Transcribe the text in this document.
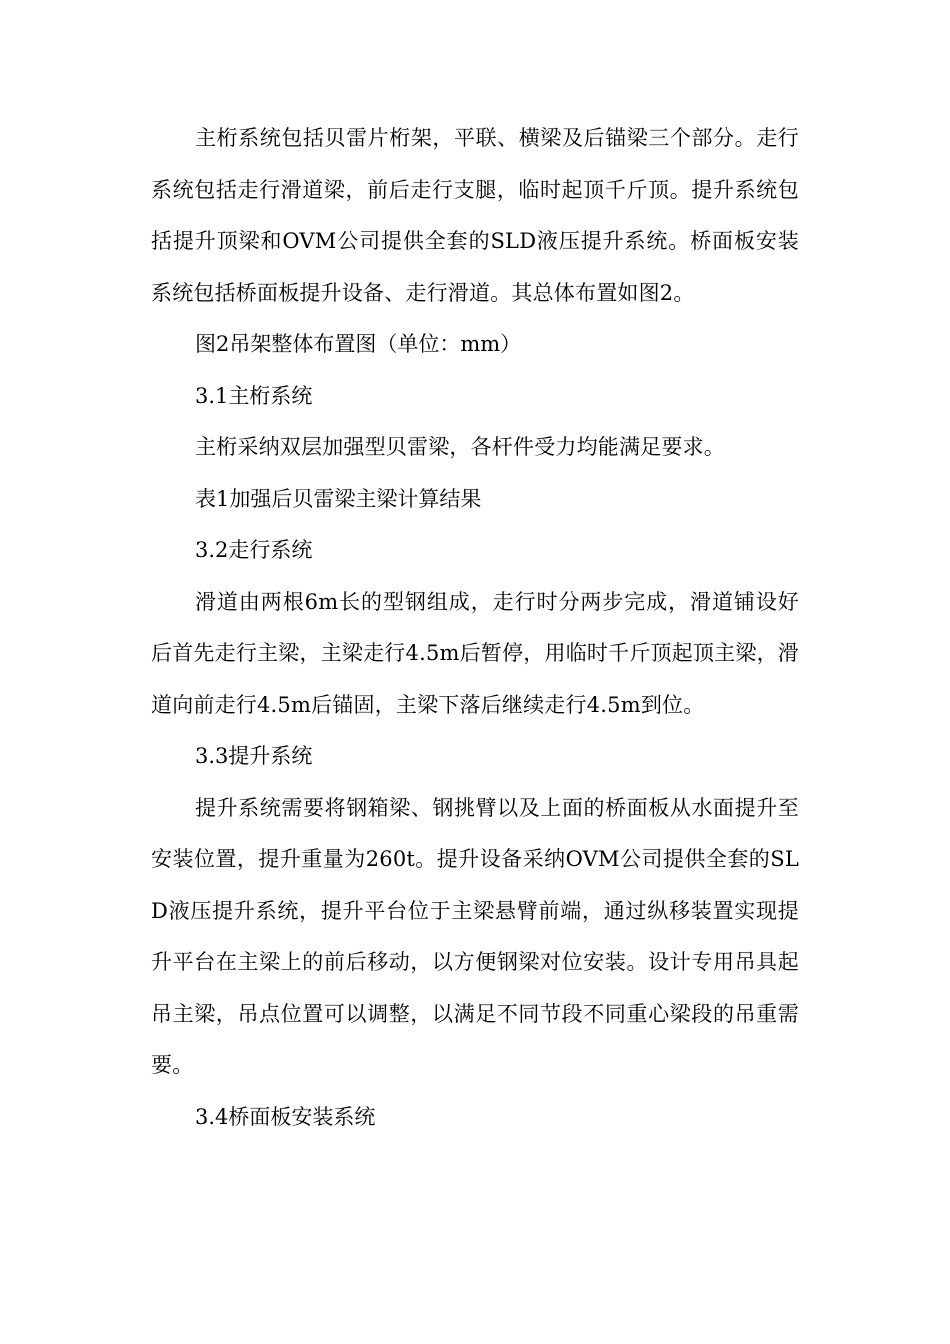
主桁系统包括贝雷片桁架，平联、横梁及后锚梁三个部分。走行系统包括走行滑道梁，前后走行支腿，临时起顶千斤顶。提升系统包括提升顶梁和OVM公司提供全套的SLD液压提升系统。桥面板安装系统包括桥面板提升设备、走行滑道。其总体布置如图2。

图2吊架整体布置图（单位：mm）

3.1主桁系统

主桁采纳双层加强型贝雷梁，各杆件受力均能满足要求。

表1加强后贝雷梁主梁计算结果

3.2走行系统

滑道由两根6m长的型钢组成，走行时分两步完成，滑道铺设好后首先走行主梁，主梁走行4.5m后暂停，用临时千斤顶起顶主梁，滑道向前走行4.5m后锚固，主梁下落后继续走行4.5m到位。

3.3提升系统

提升系统需要将钢箱梁、钢挑臂以及上面的桥面板从水面提升至安装位置，提升重量为260t。提升设备采纳OVM公司提供全套的SLD液压提升系统，提升平台位于主梁悬臂前端，通过纵移装置实现提升平台在主梁上的前后移动，以方便钢梁对位安装。设计专用吊具起吊主梁，吊点位置可以调整，以满足不同节段不同重心梁段的吊重需要。

3.4桥面板安装系统
